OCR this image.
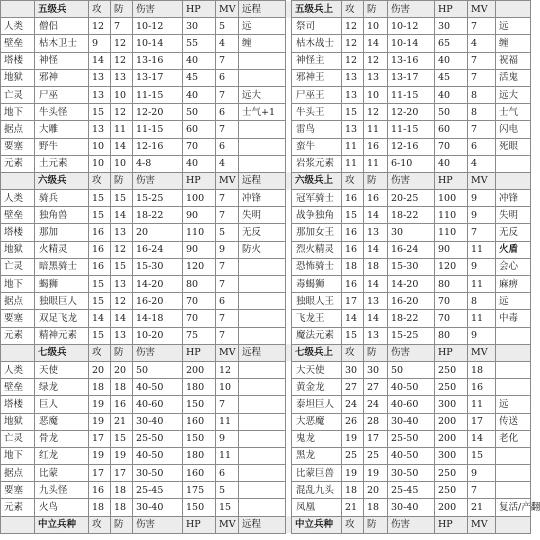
	五级兵	攻	防	伤害	HP	MV	远程		五级兵上	攻	防	伤害	HP	MV	
人类	僧侣	12	7	10-12	30	5	远		祭司	12	10	10-12	30	7	远
壁垒	枯木卫士	9	12	10-14	55	4	缠		枯木战士	12	14	10-14	65	4	缠
塔楼	神怪	14	12	13-16	40	7			神怪主	12	12	13-16	40	7	祝福
地狱	邪神	13	13	13-17	45	6			邪神王	13	13	13-17	45	7	活鬼
亡灵	尸巫	13	10	11-15	40	7	远大		尸巫王	13	10	11-15	40	8	远大
地下	牛头怪	15	12	12-20	50	6	士气+1		牛头王	15	12	12-20	50	8	士气
据点	大雕	13	11	11-15	60	7			雷鸟	13	11	11-15	60	7	闪电
要塞	野牛	10	14	12-16	70	6			蛮牛	11	16	12-16	70	6	死眼
元素	土元素	10	10	4-8	40	4			岩浆元素	11	11	6-10	40	4	
	六级兵	攻	防	伤害	HP	MV	远程		六级兵上	攻	防	伤害	HP	MV	
人类	骑兵	15	15	15-25	100	7	冲锋		冠军骑士	16	16	20-25	100	9	冲锋
壁垒	独角兽	15	14	18-22	90	7	失明		战争独角	15	14	18-22	110	9	失明
塔楼	那加	16	13	20	110	5	无反		那加女王	16	13	30	110	7	无反
地狱	火精灵	16	12	16-24	90	9	防火		烈火精灵	16	14	16-24	90	11	火盾
亡灵	暗黑骑士	16	15	15-30	120	7			恐怖骑士	18	18	15-30	120	9	会心
地下	蝎狮	15	13	14-20	80	7			毒蝎狮	16	14	14-20	80	11	麻痹
据点	独眼巨人	15	12	16-20	70	6			独眼人王	17	13	16-20	70	8	远
要塞	双足飞龙	14	14	14-18	70	7			飞龙王	14	14	18-22	70	11	中毒
元素	精神元素	15	13	10-20	75	7			魔法元素	15	13	15-25	80	9	
	七级兵	攻	防	伤害	HP	MV	远程		七级兵上	攻	防	伤害	HP	MV	
人类	天使	20	20	50	200	12			大天使	30	30	50	250	18	
壁垒	绿龙	18	18	40-50	180	10			黄金龙	27	27	40-50	250	16	
塔楼	巨人	19	16	40-60	150	7			泰坦巨人	24	24	40-60	300	11	远
地狱	恶魔	19	21	30-40	160	11			大恶魔	26	28	30-40	200	17	传送
亡灵	骨龙	17	15	25-50	150	9			鬼龙	19	17	25-50	200	14	老化
地下	红龙	19	19	40-50	180	11			黑龙	25	25	40-50	300	15	
据点	比蒙	17	17	30-50	160	6			比蒙巨兽	19	19	30-50	250	9	
要塞	九头怪	16	18	25-45	175	5			混乱九头	18	20	25-45	250	7	
元素	火鸟	18	18	30-40	150	15			凤凰	21	18	30-40	200	21	复活/产翻
	中立兵种	攻	防	伤害	HP	MV	远程		中立兵种	攻	防	伤害	HP	MV	
